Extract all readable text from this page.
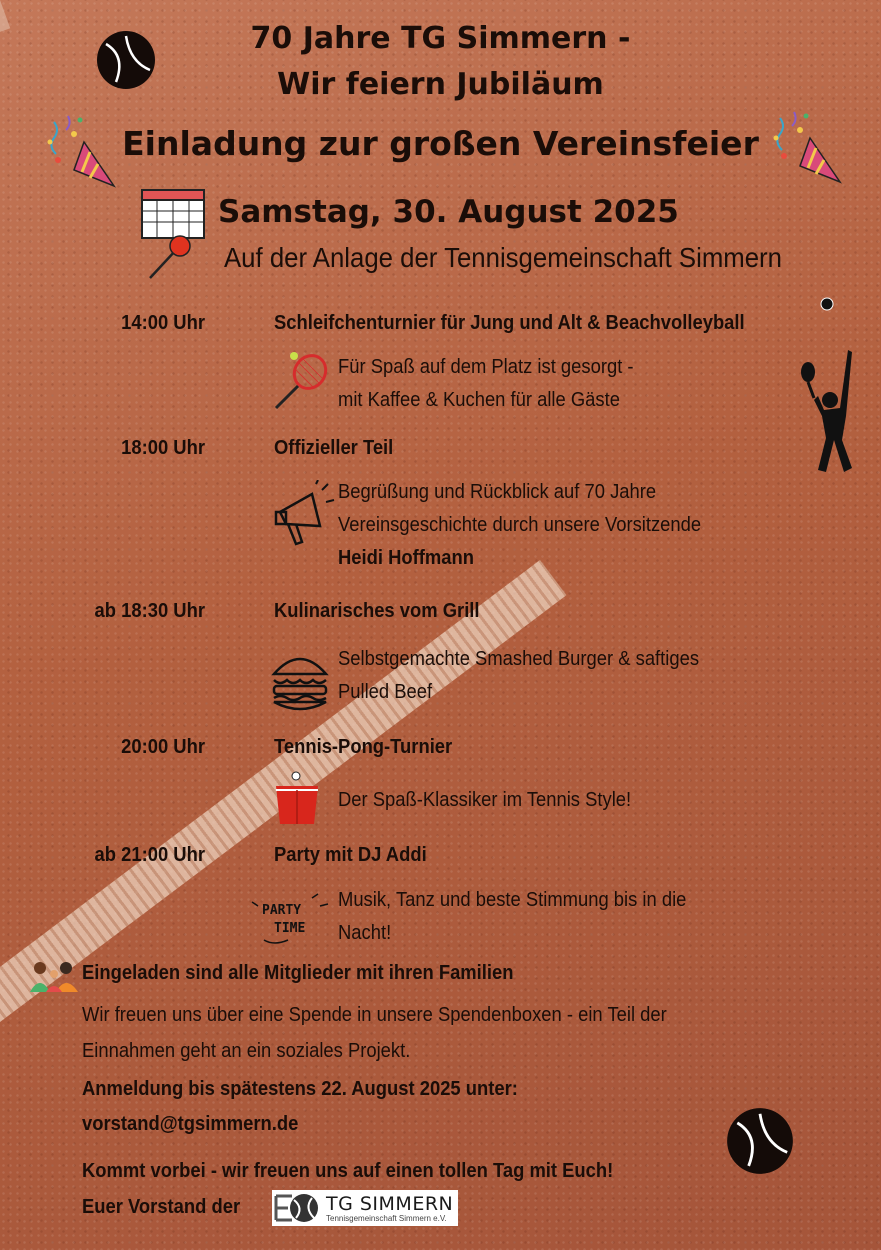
70 Jahre TG Simmern -
Wir feiern Jubiläum
Einladung zur großen Vereinsfeier
Samstag, 30. August 2025
Auf der Anlage der Tennisgemeinschaft Simmern
14:00 Uhr	Schleifchenturnier für Jung und Alt & Beachvolleyball
Für Spaß auf dem Platz ist gesorgt -
mit Kaffee & Kuchen für alle Gäste
18:00 Uhr	Offizieller Teil
Begrüßung und Rückblick auf 70 Jahre
Vereinsgeschichte durch unsere Vorsitzende
Heidi Hoffmann
ab 18:30 Uhr	Kulinarisches vom Grill
Selbstgemachte Smashed Burger & saftiges
Pulled Beef
20:00 Uhr	Tennis-Pong-Turnier
Der Spaß-Klassiker im Tennis Style!
ab 21:00 Uhr	Party mit DJ Addi
PARTY
TIME
Musik, Tanz und beste Stimmung bis in die
Nacht!
Eingeladen sind alle Mitglieder mit ihren Familien
Wir freuen uns über eine Spende in unsere Spendenboxen - ein Teil der
Einnahmen geht an ein soziales Projekt.
Anmeldung bis spätestens 22. August 2025 unter:
vorstand@tgsimmern.de
Kommt vorbei - wir freuen uns auf einen tollen Tag mit Euch!
Euer Vorstand der	TG SIMMERN
Tennisgemeinschaft Simmern e.V.
